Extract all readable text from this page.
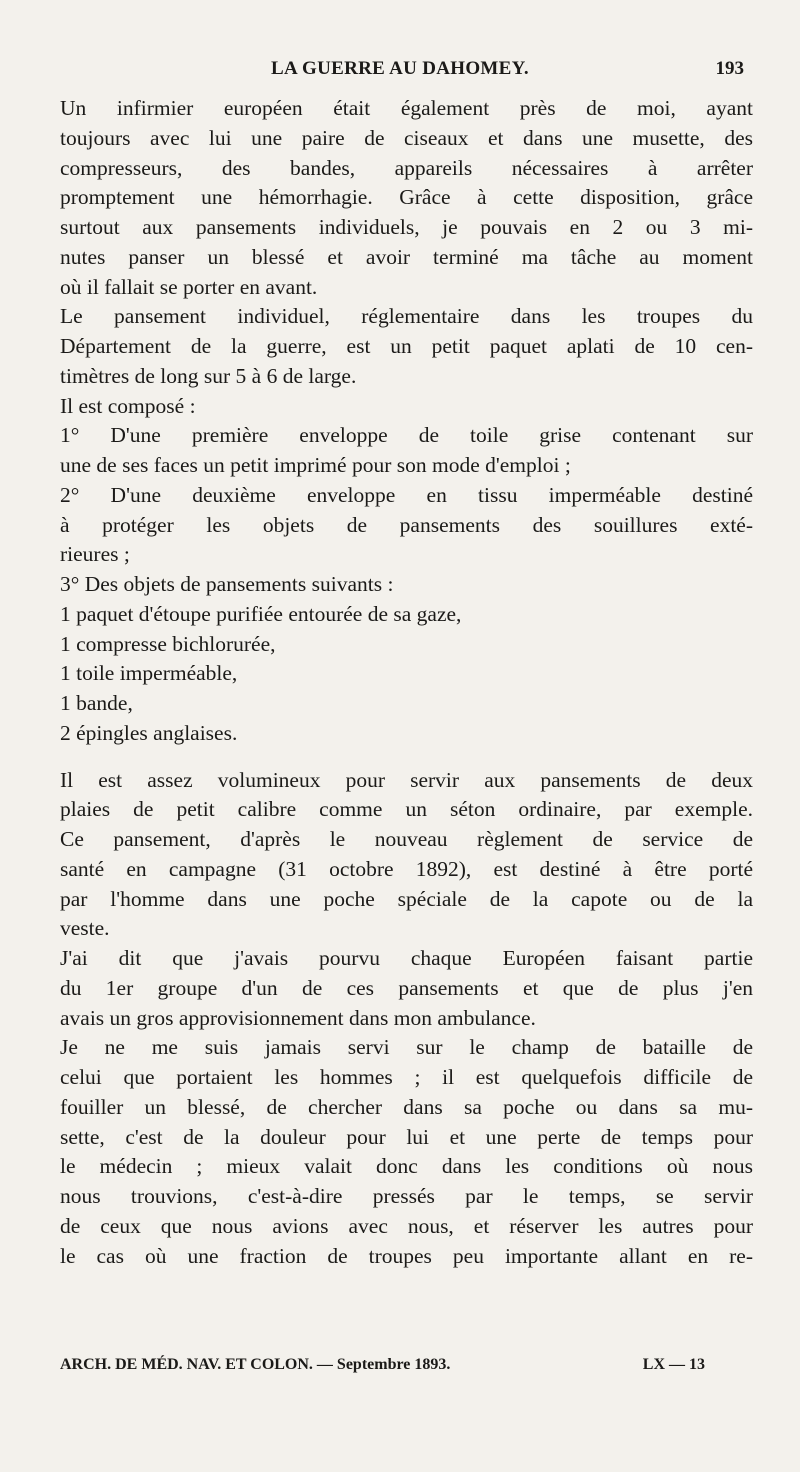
LA GUERRE AU DAHOMEY.	193
Un infirmier européen était également près de moi, ayant
toujours avec lui une paire de ciseaux et dans une musette, des
compresseurs, des bandes, appareils nécessaires à arrêter
promptement une hémorrhagie. Grâce à cette disposition, grâce
surtout aux pansements individuels, je pouvais en 2 ou 3 mi-
nutes panser un blessé et avoir terminé ma tâche au moment
où il fallait se porter en avant.
Le pansement individuel, réglementaire dans les troupes du
Département de la guerre, est un petit paquet aplati de 10 cen-
timètres de long sur 5 à 6 de large.
Il est composé :
1° D'une première enveloppe de toile grise contenant sur
une de ses faces un petit imprimé pour son mode d'emploi ;
2° D'une deuxième enveloppe en tissu imperméable destiné
à protéger les objets de pansements des souillures exté-
rieures ;
3° Des objets de pansements suivants :
1 paquet d'étoupe purifiée entourée de sa gaze,
1 compresse bichlorurée,
1 toile imperméable,
1 bande,
2 épingles anglaises.
Il est assez volumineux pour servir aux pansements de deux
plaies de petit calibre comme un séton ordinaire, par exemple.
Ce pansement, d'après le nouveau règlement de service de
santé en campagne (31 octobre 1892), est destiné à être porté
par l'homme dans une poche spéciale de la capote ou de la
veste.
J'ai dit que j'avais pourvu chaque Européen faisant partie
du 1er groupe d'un de ces pansements et que de plus j'en
avais un gros approvisionnement dans mon ambulance.
Je ne me suis jamais servi sur le champ de bataille de
celui que portaient les hommes ; il est quelquefois difficile de
fouiller un blessé, de chercher dans sa poche ou dans sa mu-
sette, c'est de la douleur pour lui et une perte de temps pour
le médecin ; mieux valait donc dans les conditions où nous
nous trouvions, c'est-à-dire pressés par le temps, se servir
de ceux que nous avions avec nous, et réserver les autres pour
le cas où une fraction de troupes peu importante allant en re-
ARCH. DE MÉD. NAV. ET COLON. — Septembre 1893.	LX — 13
